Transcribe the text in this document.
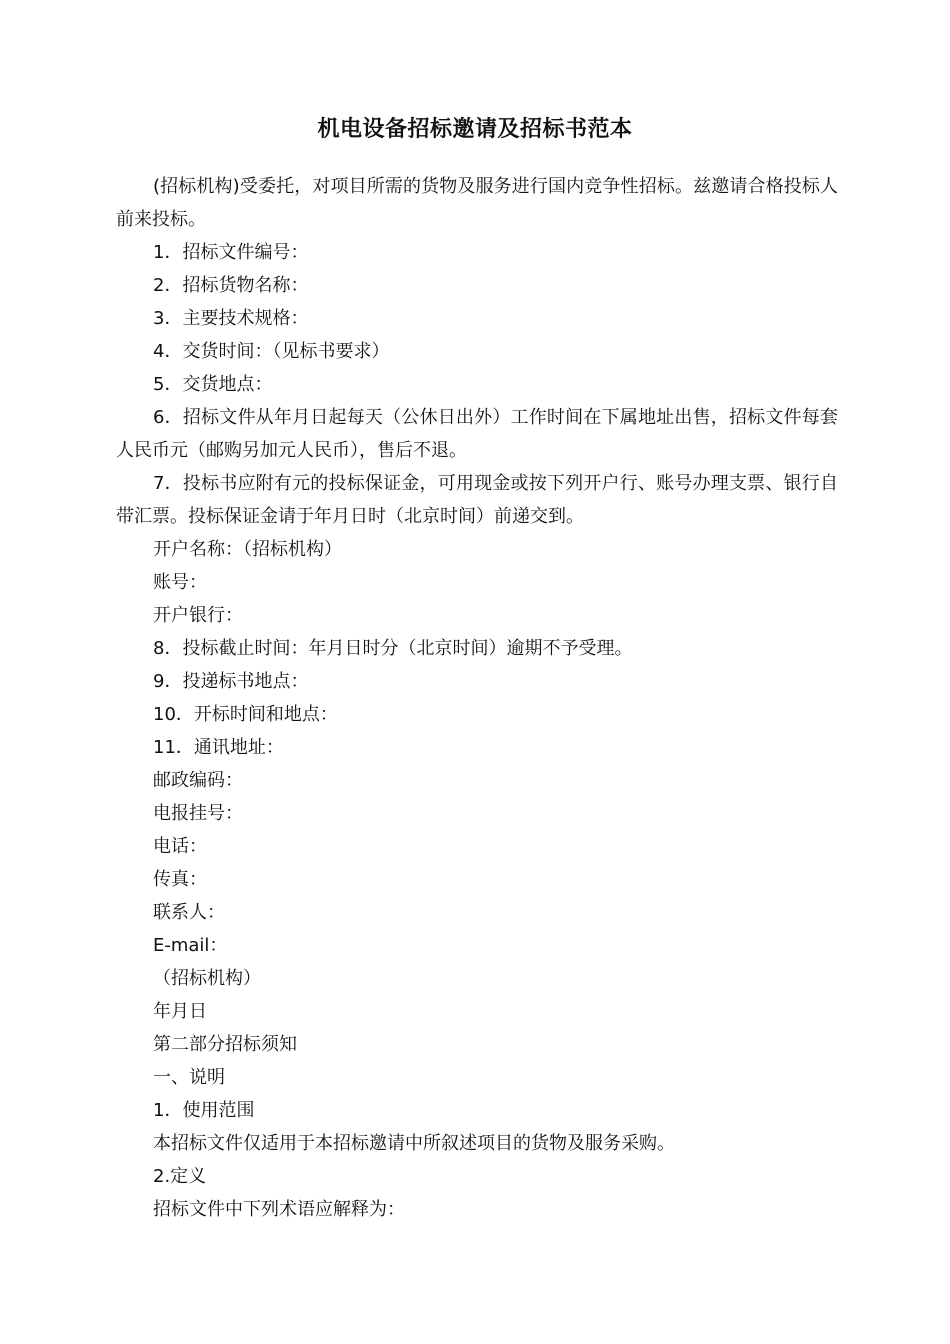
机电设备招标邀请及招标书范本

(招标机构)受委托，对项目所需的货物及服务进行国内竞争性招标。兹邀请合格投标人前来投标。

1．招标文件编号：

2．招标货物名称：

3．主要技术规格：

4．交货时间：（见标书要求）

5．交货地点：

6．招标文件从年月日起每天（公休日出外）工作时间在下属地址出售，招标文件每套人民币元（邮购另加元人民币），售后不退。

7．投标书应附有元的投标保证金，可用现金或按下列开户行、账号办理支票、银行自带汇票。投标保证金请于年月日时（北京时间）前递交到。

开户名称：（招标机构）

账号：

开户银行：

8．投标截止时间：年月日时分（北京时间）逾期不予受理。

9．投递标书地点：

10．开标时间和地点：

11．通讯地址：

邮政编码：

电报挂号：

电话：

传真：

联系人：

E-mail：

（招标机构）

年月日

第二部分招标须知

一、说明

1．使用范围

本招标文件仅适用于本招标邀请中所叙述项目的货物及服务采购。

2.定义

招标文件中下列术语应解释为：
